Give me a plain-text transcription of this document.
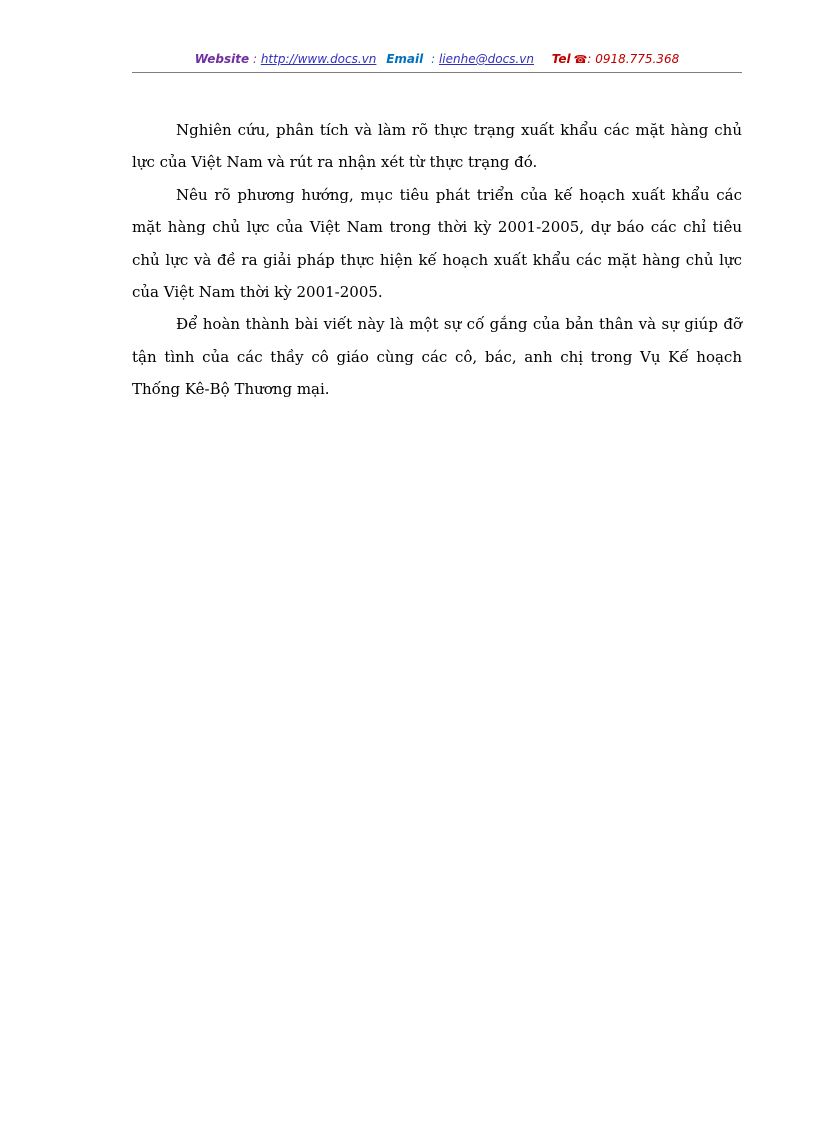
Website : http://www.docs.vn Email : lienhe@docs.vn Tel ☎: 0918.775.368

Nghiên cứu, phân tích và làm rõ thực trạng xuất khẩu các mặt hàng chủ lực của Việt Nam và rút ra nhận xét từ thực trạng đó.

Nêu rõ phương hướng, mục tiêu phát triển của kế hoạch xuất khẩu các mặt hàng chủ lực của Việt Nam trong thời kỳ 2001-2005, dự báo các chỉ tiêu chủ lực và đề ra giải pháp thực hiện kế hoạch xuất khẩu các mặt hàng chủ lực của Việt Nam thời kỳ 2001-2005.

Để hoàn thành bài viết này là một sự cố gắng của bản thân và sự giúp đỡ tận tình của các thầy cô giáo cùng các cô, bác, anh chị trong Vụ Kế hoạch Thống Kê-Bộ Thương mại.
